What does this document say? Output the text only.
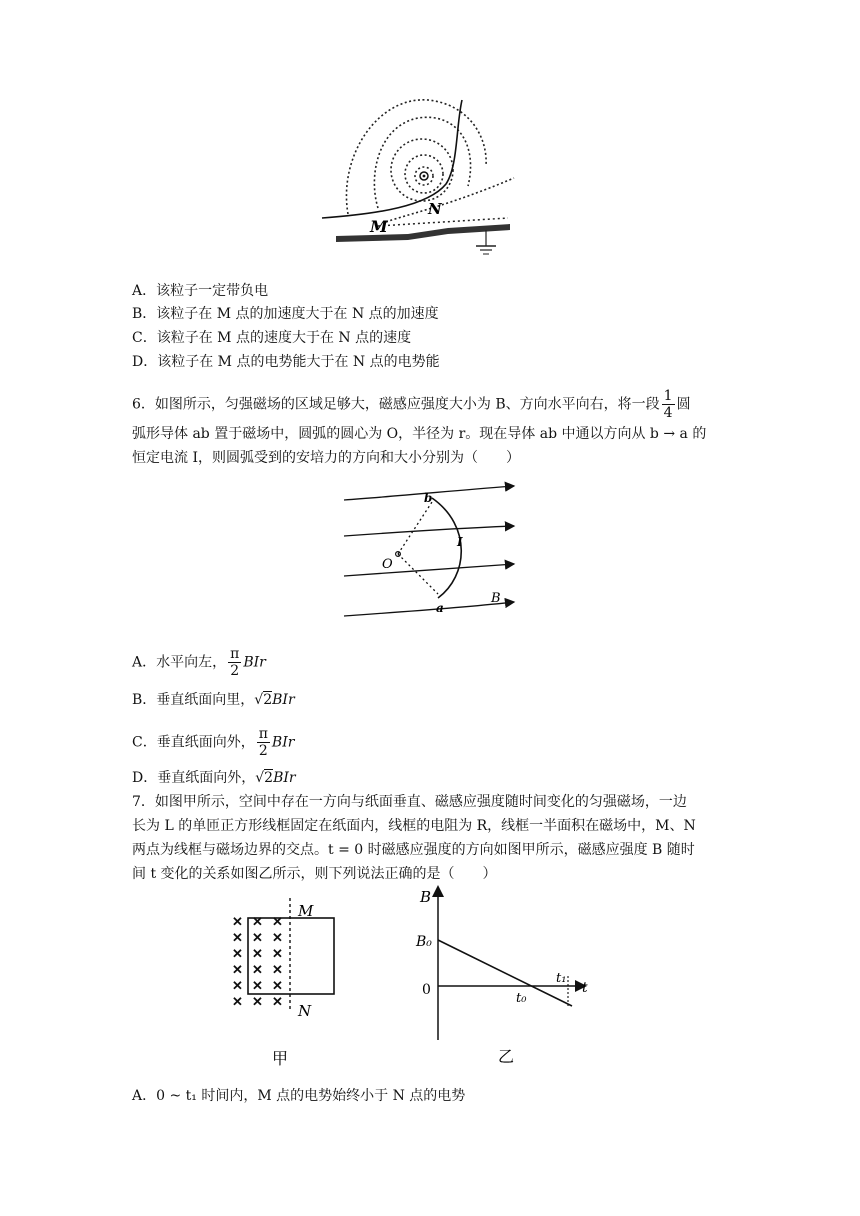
M
N
A．该粒子一定带负电
B．该粒子在 M 点的加速度大于在 N 点的加速度
C．该粒子在 M 点的速度大于在 N 点的速度
D．该粒子在 M 点的电势能大于在 N 点的电势能
6．如图所示，匀强磁场的区域足够大，磁感应强度大小为 B、方向水平向右，将一段 $\frac{1}{4}$ 圆
弧形导体 ab 置于磁场中，圆弧的圆心为 O，半径为 r。现在导体 ab 中通以方向从 b → a 的
恒定电流 I，则圆弧受到的安培力的方向和大小分别为（　　）
b
a
O
I
B
A．水平向左， $\frac{\pi}{2}$ BIr
B．垂直纸面向里，√2BIr
C．垂直纸面向外， $\frac{\pi}{2}$ BIr
D．垂直纸面向外，√2BIr
7．如图甲所示，空间中存在一方向与纸面垂直、磁感应强度随时间变化的匀强磁场，一边
长为 L 的单匝正方形线框固定在纸面内，线框的电阻为 R，线框一半面积在磁场中，M、N
两点为线框与磁场边界的交点。t = 0 时磁感应强度的方向如图甲所示，磁感应强度 B 随时
间 t 变化的关系如图乙所示，则下列说法正确的是（　　）
✕ ✕ ✕
✕ ✕ ✕
✕ ✕ ✕
✕ ✕ ✕
✕ ✕ ✕
✕ ✕ ✕
M
N
甲
B
B₀
0
t₀
t₁
t
乙
A．0 ~ t₁ 时间内，M 点的电势始终小于 N 点的电势
